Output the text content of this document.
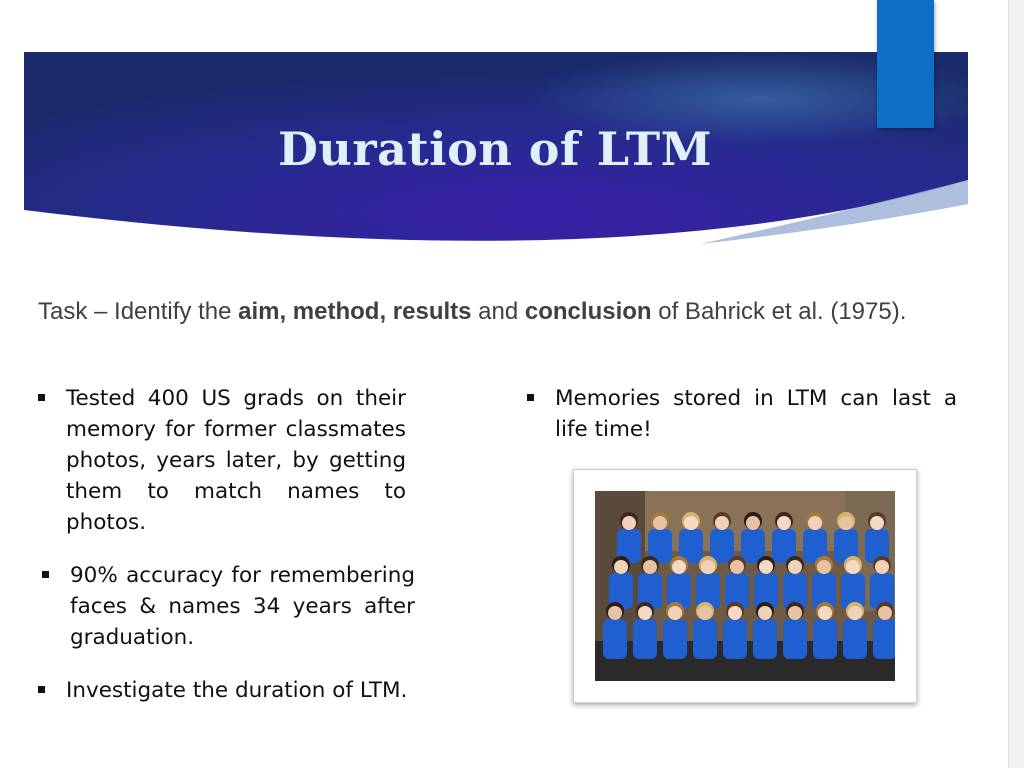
Duration of LTM
Task – Identify the aim, method, results and conclusion of Bahrick et al. (1975).
Tested 400 US grads on their memory for former classmates photos, years later, by getting them to match names to photos.
90% accuracy for remembering faces & names 34 years after graduation.
Investigate the duration of LTM.
Memories stored in LTM can last a life time!
